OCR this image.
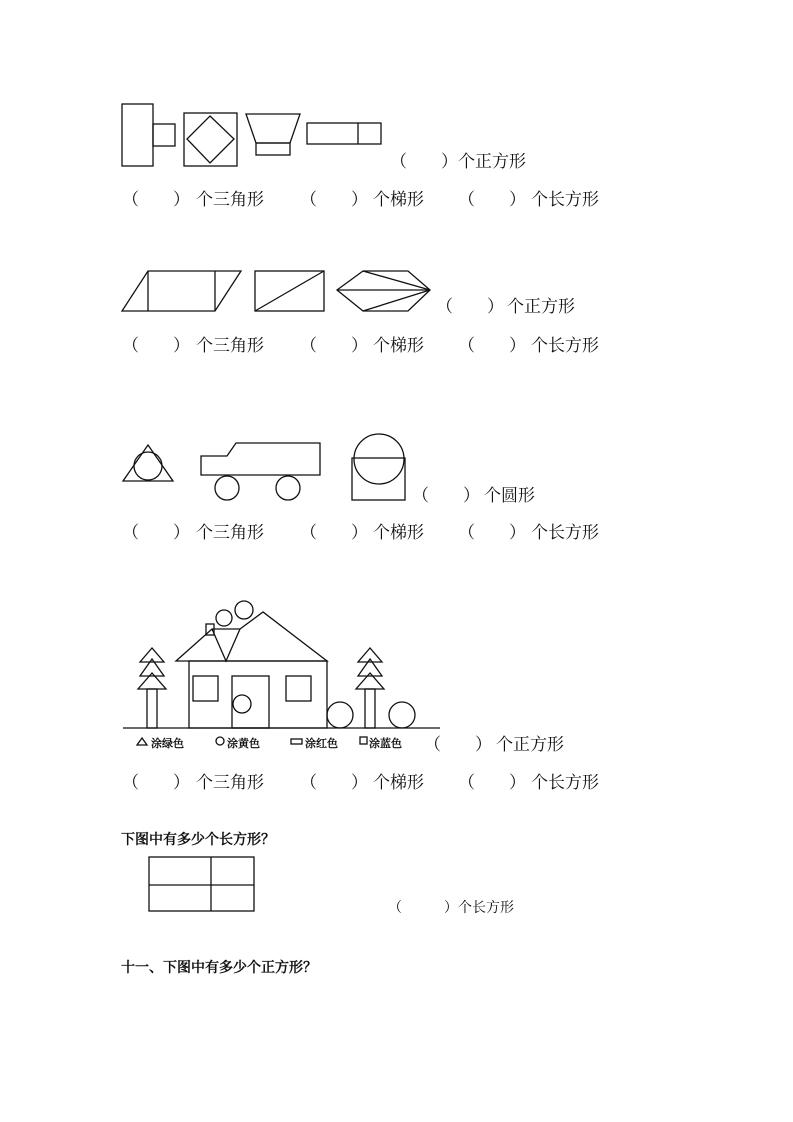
（　　） 个正方形
（　　） 个三角形 （　　） 个梯形 （　　） 个长方形
（　　） 个正方形
（　　） 个三角形 （　　） 个梯形 （　　） 个长方形
（　　） 个圆形
（　　） 个三角形 （　　） 个梯形 （　　） 个长方形
涂绿色	涂黄色	涂红色	涂蓝色 （　　） 个正方形
（　　） 个三角形 （　　） 个梯形 （　　） 个长方形
下图中有多少个长方形？
（　　　）个长方形
十一、下图中有多少个正方形？
